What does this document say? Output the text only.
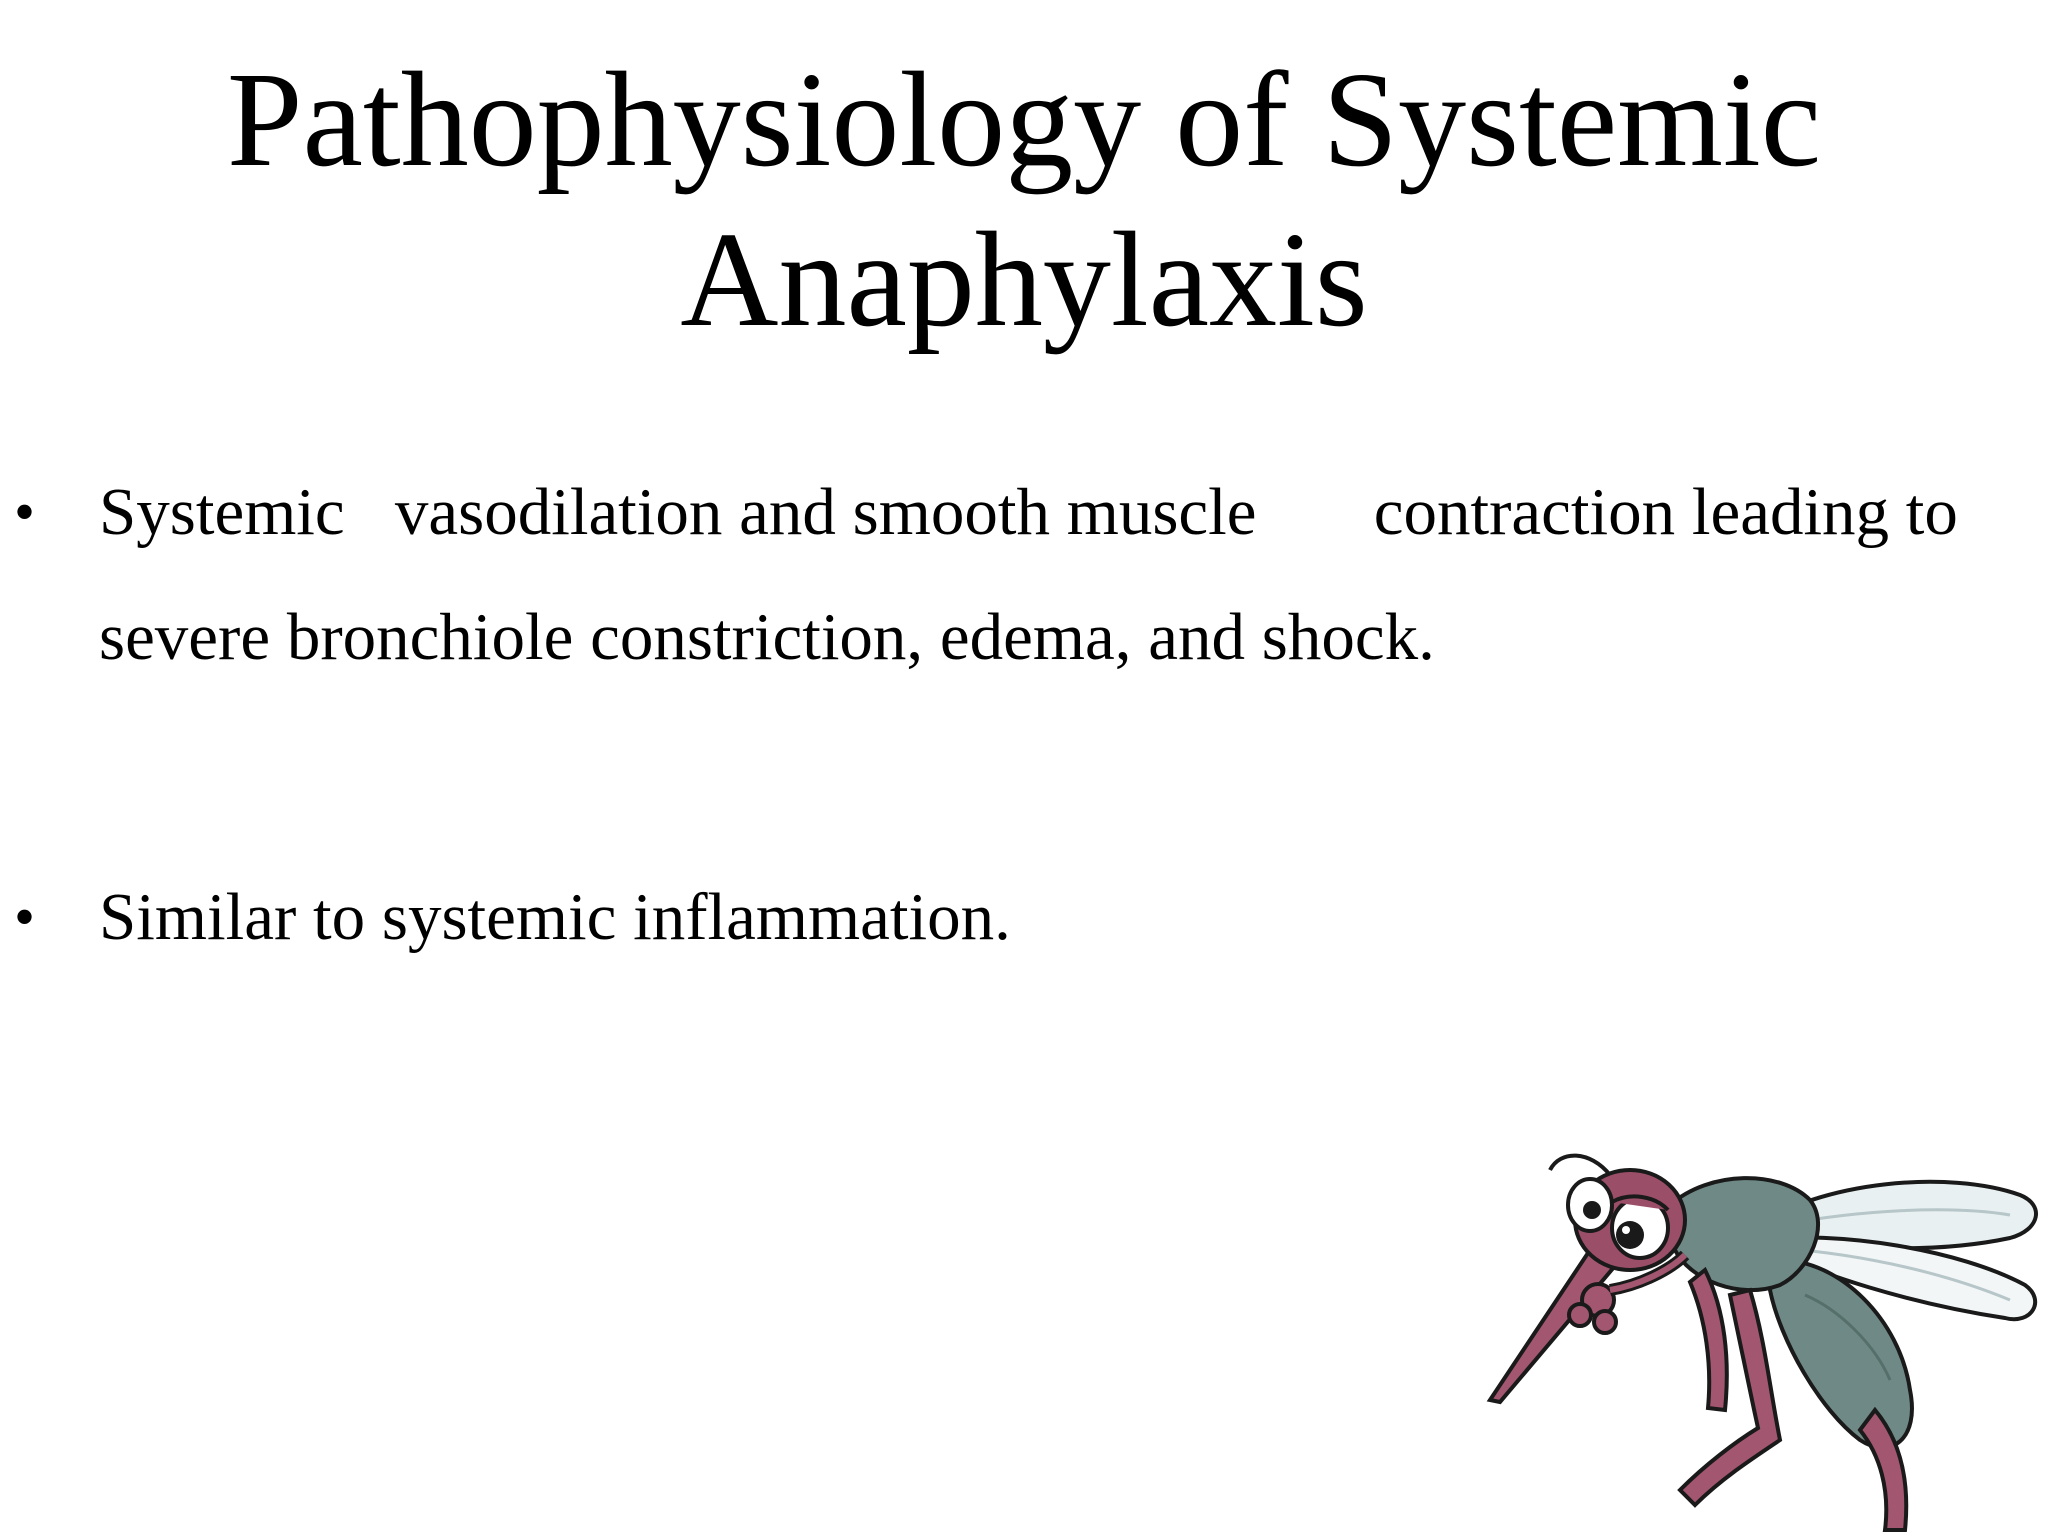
Pathophysiology of Systemic
Anaphylaxis
• Systemic   vasodilation and smooth muscle       contraction leading to
severe bronchiole constriction, edema, and shock.
• Similar to systemic inflammation.
